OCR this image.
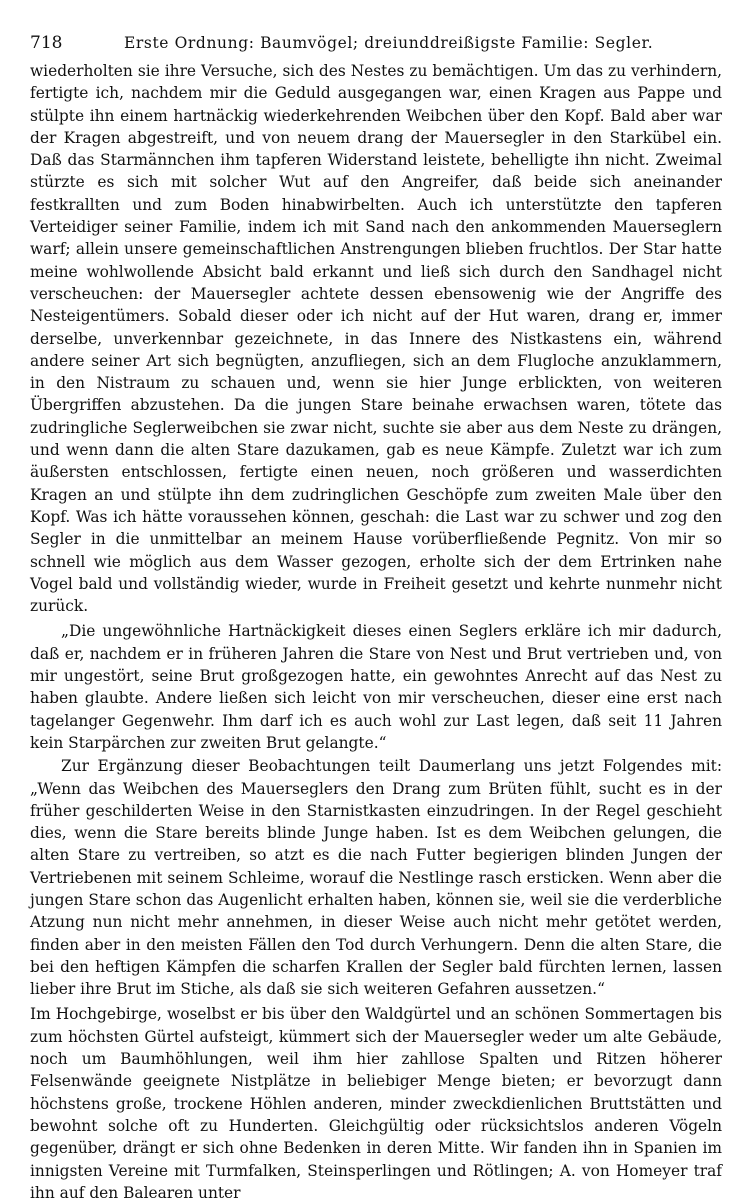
718	Erste Ordnung: Baumvögel; dreiunddreißigste Familie: Segler.

wiederholten sie ihre Versuche, sich des Nestes zu bemächtigen. Um das zu verhindern, fertigte ich, nachdem mir die Geduld ausgegangen war, einen Kragen aus Pappe und stülpte ihn einem hartnäckig wiederkehrenden Weibchen über den Kopf. Bald aber war der Kragen abgestreift, und von neuem drang der Mauersegler in den Starkübel ein. Daß das Starmännchen ihm tapferen Widerstand leistete, behelligte ihn nicht. Zweimal stürzte es sich mit solcher Wut auf den Angreifer, daß beide sich aneinander festkrallten und zum Boden hinabwirbelten. Auch ich unterstützte den tapferen Verteidiger seiner Familie, indem ich mit Sand nach den ankommenden Mauerseglern warf; allein unsere gemeinschaftlichen Anstrengungen blieben fruchtlos. Der Star hatte meine wohlwollende Absicht bald erkannt und ließ sich durch den Sandhagel nicht verscheuchen: der Mauersegler achtete dessen ebensowenig wie der Angriffe des Nesteigentümers. Sobald dieser oder ich nicht auf der Hut waren, drang er, immer derselbe, unverkennbar gezeichnete, in das Innere des Nistkastens ein, während andere seiner Art sich begnügten, anzufliegen, sich an dem Flugloche anzuklammern, in den Nistraum zu schauen und, wenn sie hier Junge erblickten, von weiteren Übergriffen abzustehen. Da die jungen Stare beinahe erwachsen waren, tötete das zudringliche Seglerweibchen sie zwar nicht, suchte sie aber aus dem Neste zu drängen, und wenn dann die alten Stare dazukamen, gab es neue Kämpfe. Zuletzt war ich zum äußersten entschlossen, fertigte einen neuen, noch größeren und wasserdichten Kragen an und stülpte ihn dem zudringlichen Geschöpfe zum zweiten Male über den Kopf. Was ich hätte voraussehen können, geschah: die Last war zu schwer und zog den Segler in die unmittelbar an meinem Hause vorüberfließende Pegnitz. Von mir so schnell wie möglich aus dem Wasser gezogen, erholte sich der dem Ertrinken nahe Vogel bald und vollständig wieder, wurde in Freiheit gesetzt und kehrte nunmehr nicht zurück.

„Die ungewöhnliche Hartnäckigkeit dieses einen Seglers erkläre ich mir dadurch, daß er, nachdem er in früheren Jahren die Stare von Nest und Brut vertrieben und, von mir ungestört, seine Brut großgezogen hatte, ein gewohntes Anrecht auf das Nest zu haben glaubte. Andere ließen sich leicht von mir verscheuchen, dieser eine erst nach tagelanger Gegenwehr. Ihm darf ich es auch wohl zur Last legen, daß seit 11 Jahren kein Starpärchen zur zweiten Brut gelangte.“

Zur Ergänzung dieser Beobachtungen teilt Daumerlang uns jetzt Folgendes mit: „Wenn das Weibchen des Mauerseglers den Drang zum Brüten fühlt, sucht es in der früher geschilderten Weise in den Starnistkasten einzudringen. In der Regel geschieht dies, wenn die Stare bereits blinde Junge haben. Ist es dem Weibchen gelungen, die alten Stare zu vertreiben, so atzt es die nach Futter begierigen blinden Jungen der Vertriebenen mit seinem Schleime, worauf die Nestlinge rasch ersticken. Wenn aber die jungen Stare schon das Augenlicht erhalten haben, können sie, weil sie die verderbliche Atzung nun nicht mehr annehmen, in dieser Weise auch nicht mehr getötet werden, finden aber in den meisten Fällen den Tod durch Verhungern. Denn die alten Stare, die bei den heftigen Kämpfen die scharfen Krallen der Segler bald fürchten lernen, lassen lieber ihre Brut im Stiche, als daß sie sich weiteren Gefahren aussetzen.“

Im Hochgebirge, woselbst er bis über den Waldgürtel und an schönen Sommertagen bis zum höchsten Gürtel aufsteigt, kümmert sich der Mauersegler weder um alte Gebäude, noch um Baumhöhlungen, weil ihm hier zahllose Spalten und Ritzen höherer Felsenwände geeignete Nistplätze in beliebiger Menge bieten; er bevorzugt dann höchstens große, trockene Höhlen anderen, minder zweckdienlichen Bruttstätten und bewohnt solche oft zu Hunderten. Gleichgültig oder rücksichtslos anderen Vögeln gegenüber, drängt er sich ohne Bedenken in deren Mitte. Wir fanden ihn in Spanien im innigsten Vereine mit Turmfalken, Steinsperlingen und Rötlingen; A. von Homeyer traf ihn auf den Balearen unter
